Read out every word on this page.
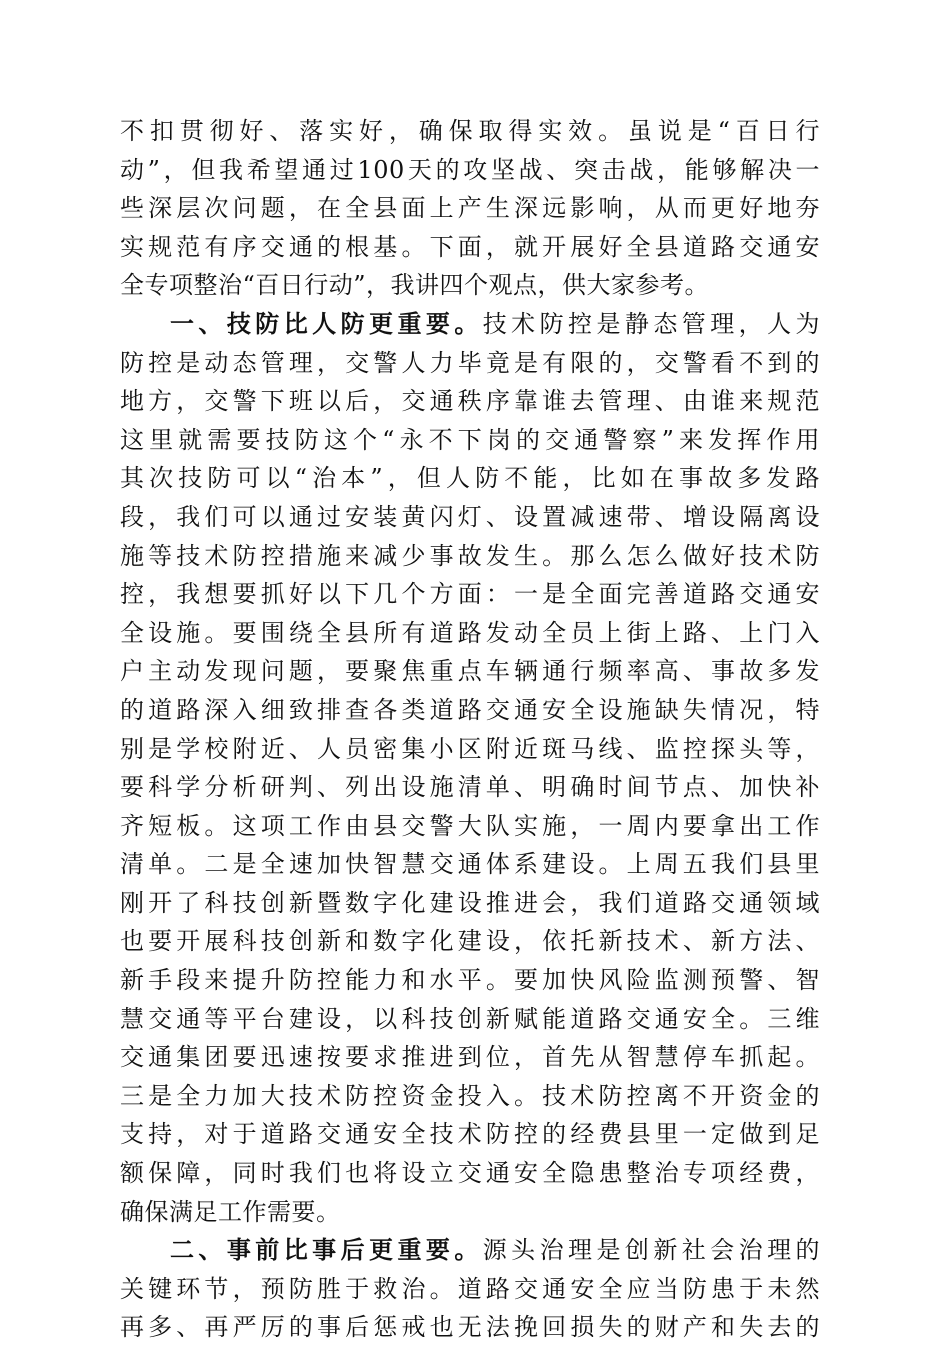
不扣贯彻好、落实好，确保取得实效。虽说是“百日行
动”，但我希望通过100天的攻坚战、突击战，能够解决一
些深层次问题，在全县面上产生深远影响，从而更好地夯
实规范有序交通的根基。下面，就开展好全县道路交通安
全专项整治“百日行动”，我讲四个观点，供大家参考。
一、技防比人防更重要。技术防控是静态管理，人为
防控是动态管理，交警人力毕竟是有限的，交警看不到的
地方，交警下班以后，交通秩序靠谁去管理、由谁来规范
这里就需要技防这个“永不下岗的交通警察”来发挥作用
其次技防可以“治本”，但人防不能，比如在事故多发路
段，我们可以通过安装黄闪灯、设置减速带、增设隔离设
施等技术防控措施来减少事故发生。那么怎么做好技术防
控，我想要抓好以下几个方面：一是全面完善道路交通安
全设施。要围绕全县所有道路发动全员上街上路、上门入
户主动发现问题，要聚焦重点车辆通行频率高、事故多发
的道路深入细致排查各类道路交通安全设施缺失情况，特
别是学校附近、人员密集小区附近斑马线、监控探头等，
要科学分析研判、列出设施清单、明确时间节点、加快补
齐短板。这项工作由县交警大队实施，一周内要拿出工作
清单。二是全速加快智慧交通体系建设。上周五我们县里
刚开了科技创新暨数字化建设推进会，我们道路交通领域
也要开展科技创新和数字化建设，依托新技术、新方法、
新手段来提升防控能力和水平。要加快风险监测预警、智
慧交通等平台建设，以科技创新赋能道路交通安全。三维
交通集团要迅速按要求推进到位，首先从智慧停车抓起。
三是全力加大技术防控资金投入。技术防控离不开资金的
支持，对于道路交通安全技术防控的经费县里一定做到足
额保障，同时我们也将设立交通安全隐患整治专项经费，
确保满足工作需要。
二、事前比事后更重要。源头治理是创新社会治理的
关键环节，预防胜于救治。道路交通安全应当防患于未然
再多、再严厉的事后惩戒也无法挽回损失的财产和失去的
